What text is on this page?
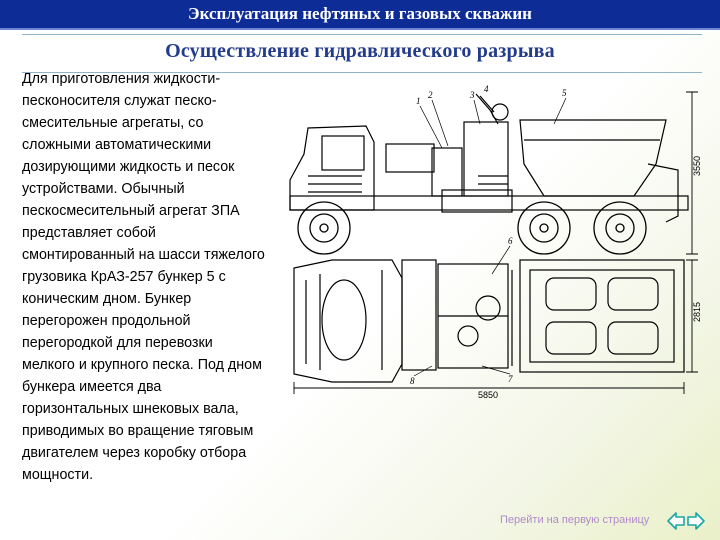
Эксплуатация нефтяных и газовых скважин
Осуществление гидравлического разрыва

Для приготовления жидкости-песконосителя служат песко-смесительные агрегаты, со сложными автоматическими дозирующими жидкость и песок устройствами. Обычный пескосмесительный агрегат ЗПА представляет собой смонтированный на шасси тяжелого грузовика КрАЗ-257 бункер 5 с коническим дном. Бункер перегорожен продольной перегородкой для перевозки мелкого и крупного песка. Под дном бункера имеется два горизонтальных шнековых вала, приводимых во вращение тяговым двигателем через коробку отбора мощности.

3550
2815
5850
1
2	3
4	5
6
7
8
Перейти на первую страницу
